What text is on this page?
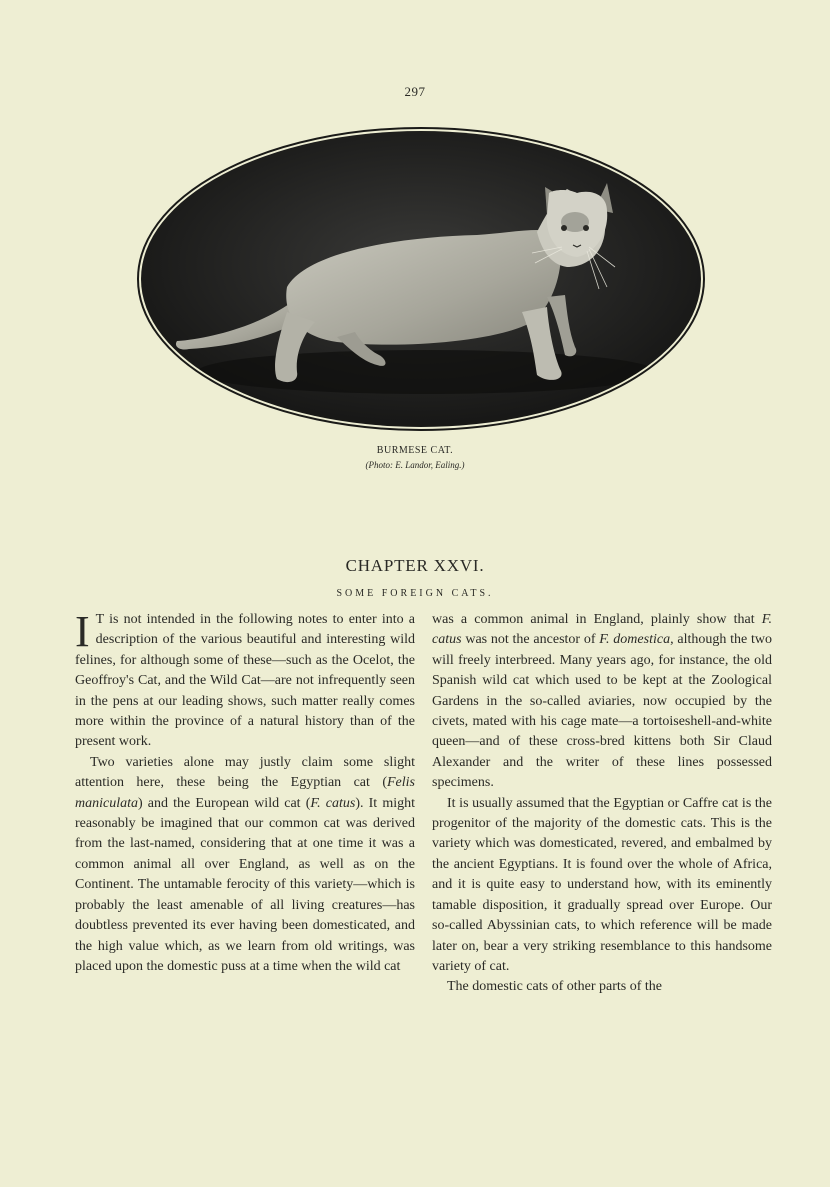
297
BURMESE CAT.
(Photo: E. Landor, Ealing.)
CHAPTER XXVI.
SOME FOREIGN CATS.

I T is not intended in the following notes to enter into a description of the various beautiful and interesting wild felines, for although some of these—such as the Ocelot, the Geoffroy's Cat, and the Wild Cat—are not infrequently seen in the pens at our leading shows, such matter really comes more within the province of a natural history than of the present work.

Two varieties alone may justly claim some slight attention here, these being the Egyptian cat (Felis maniculata) and the European wild cat (F. catus). It might reasonably be imagined that our common cat was derived from the last-named, considering that at one time it was a common animal all over England, as well as on the Continent. The untamable ferocity of this variety—which is probably the least amenable of all living creatures—has doubtless prevented its ever having been domesticated, and the high value which, as we learn from old writings, was placed upon the domestic puss at a time when the wild cat

was a common animal in England, plainly show that F. catus was not the ancestor of F. domestica, although the two will freely interbreed. Many years ago, for instance, the old Spanish wild cat which used to be kept at the Zoological Gardens in the so-called aviaries, now occupied by the civets, mated with his cage mate—a tortoiseshell-and-white queen—and of these cross-bred kittens both Sir Claud Alexander and the writer of these lines possessed specimens.

It is usually assumed that the Egyptian or Caffre cat is the progenitor of the majority of the domestic cats. This is the variety which was domesticated, revered, and embalmed by the ancient Egyptians. It is found over the whole of Africa, and it is quite easy to understand how, with its eminently tamable disposition, it gradually spread over Europe. Our so-called Abyssinian cats, to which reference will be made later on, bear a very striking resemblance to this handsome variety of cat.

The domestic cats of other parts of the
